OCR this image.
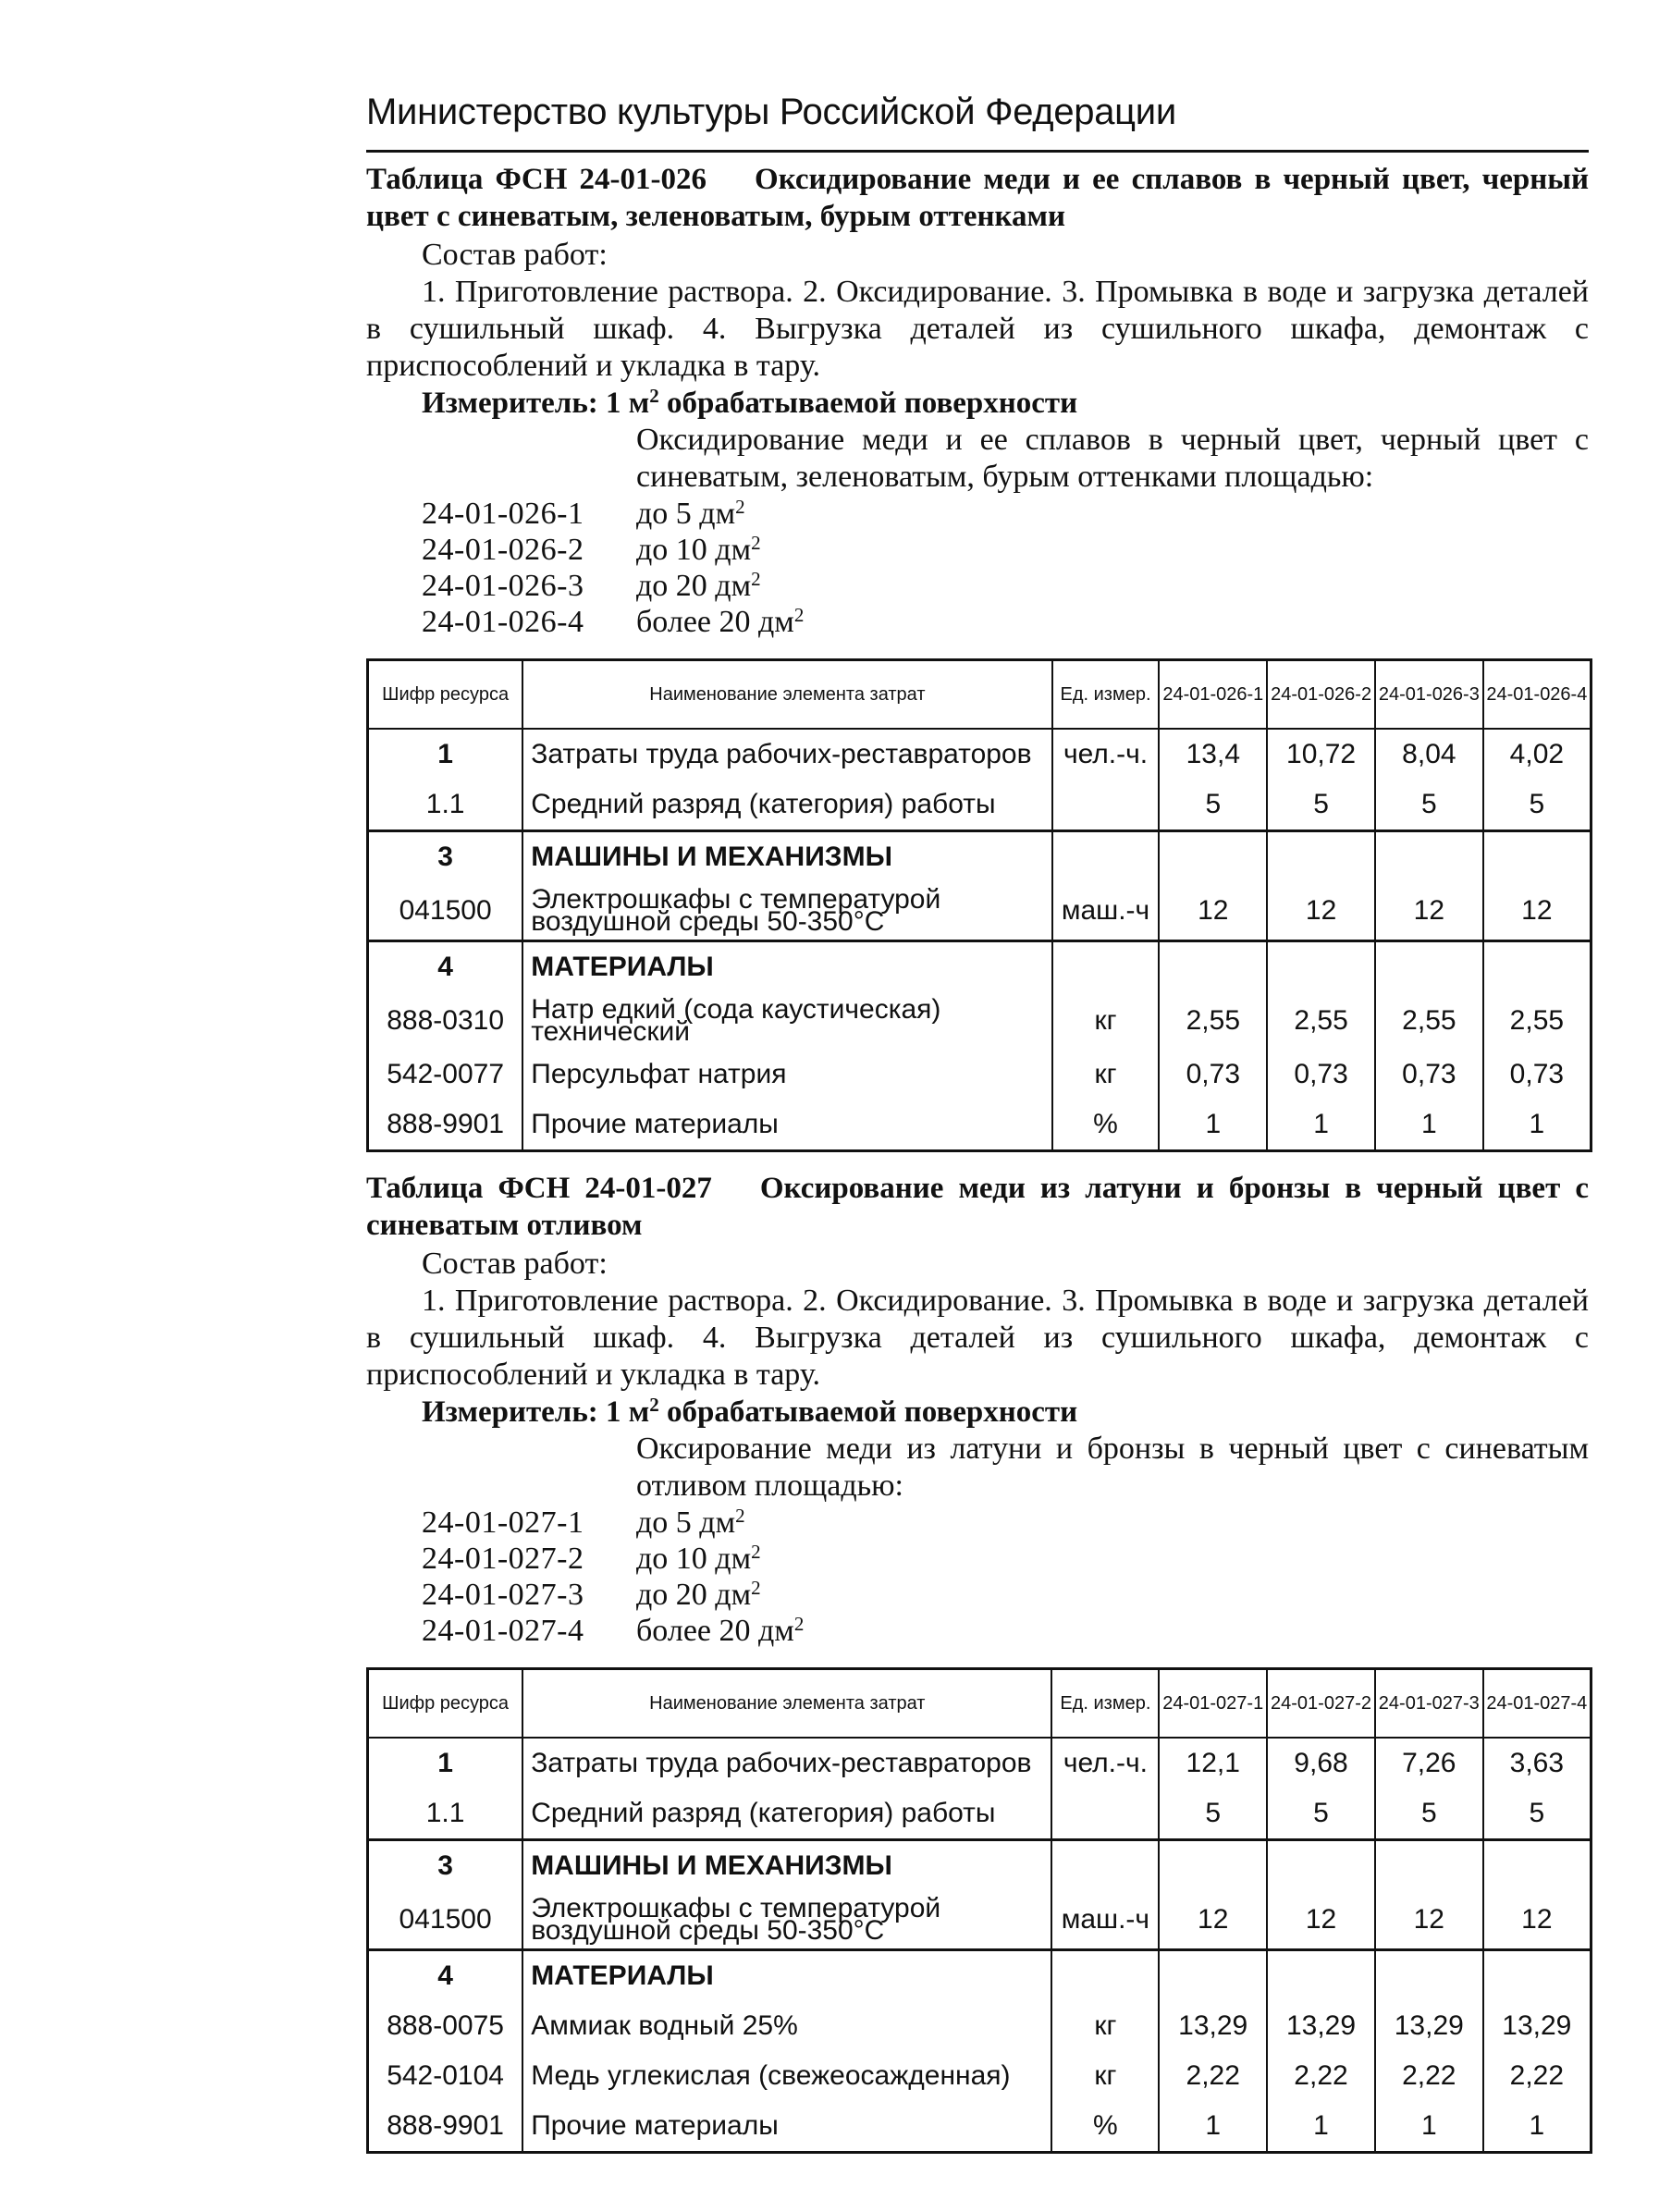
Министерство культуры Российской Федерации
Таблица ФСН 24-01-026 Оксидирование меди и ее сплавов в черный цвет, черный цвет с синеватым, зеленоватым, бурым оттенками
Состав работ:
1. Приготовление раствора. 2. Оксидирование. 3. Промывка в воде и загрузка деталей в сушильный шкаф. 4. Выгрузка деталей из сушильного шкафа, демонтаж с приспособлений и укладка в тару.
Измеритель: 1 $м^2$ обрабатываемой поверхности
Оксидирование меди и ее сплавов в черный цвет, черный цвет с синеватым, зеленоватым, бурым оттенками площадью:
24-01-026-1	до 5 $дм^2$
24-01-026-2	до 10 $дм^2$
24-01-026-3	до 20 $дм^2$
24-01-026-4	более 20 $дм^2$
Шифр ресурса	Наименование элемента затрат	Ед. измер.	24-01-026-1	24-01-026-2	24-01-026-3	24-01-026-4
1	Затраты труда рабочих-реставраторов	чел.-ч.	13,4	10,72	8,04	4,02
1.1	Средний разряд (категория) работы		5	5	5	5
3	МАШИНЫ И МЕХАНИЗМЫ					
041500	Электрошкафы с температурой воздушной среды 50-350°С	маш.-ч	12	12	12	12
4	МАТЕРИАЛЫ					
888-0310	Натр едкий (сода каустическая) технический	кг	2,55	2,55	2,55	2,55
542-0077	Персульфат натрия	кг	0,73	0,73	0,73	0,73
888-9901	Прочие материалы	%	1	1	1	1
Таблица ФСН 24-01-027 Оксирование меди из латуни и бронзы в черный цвет с синеватым отливом
Состав работ:
1. Приготовление раствора. 2. Оксидирование. 3. Промывка в воде и загрузка деталей в сушильный шкаф. 4. Выгрузка деталей из сушильного шкафа, демонтаж с приспособлений и укладка в тару.
Измеритель: 1 $м^2$ обрабатываемой поверхности
Оксирование меди из латуни и бронзы в черный цвет с синеватым отливом площадью:
24-01-027-1	до 5 $дм^2$
24-01-027-2	до 10 $дм^2$
24-01-027-3	до 20 $дм^2$
24-01-027-4	более 20 $дм^2$
Шифр ресурса	Наименование элемента затрат	Ед. измер.	24-01-027-1	24-01-027-2	24-01-027-3	24-01-027-4
1	Затраты труда рабочих-реставраторов	чел.-ч.	12,1	9,68	7,26	3,63
1.1	Средний разряд (категория) работы		5	5	5	5
3	МАШИНЫ И МЕХАНИЗМЫ					
041500	Электрошкафы с температурой воздушной среды 50-350°С	маш.-ч	12	12	12	12
4	МАТЕРИАЛЫ					
888-0075	Аммиак водный 25%	кг	13,29	13,29	13,29	13,29
542-0104	Медь углекислая (свежеосажденная)	кг	2,22	2,22	2,22	2,22
888-9901	Прочие материалы	%	1	1	1	1
